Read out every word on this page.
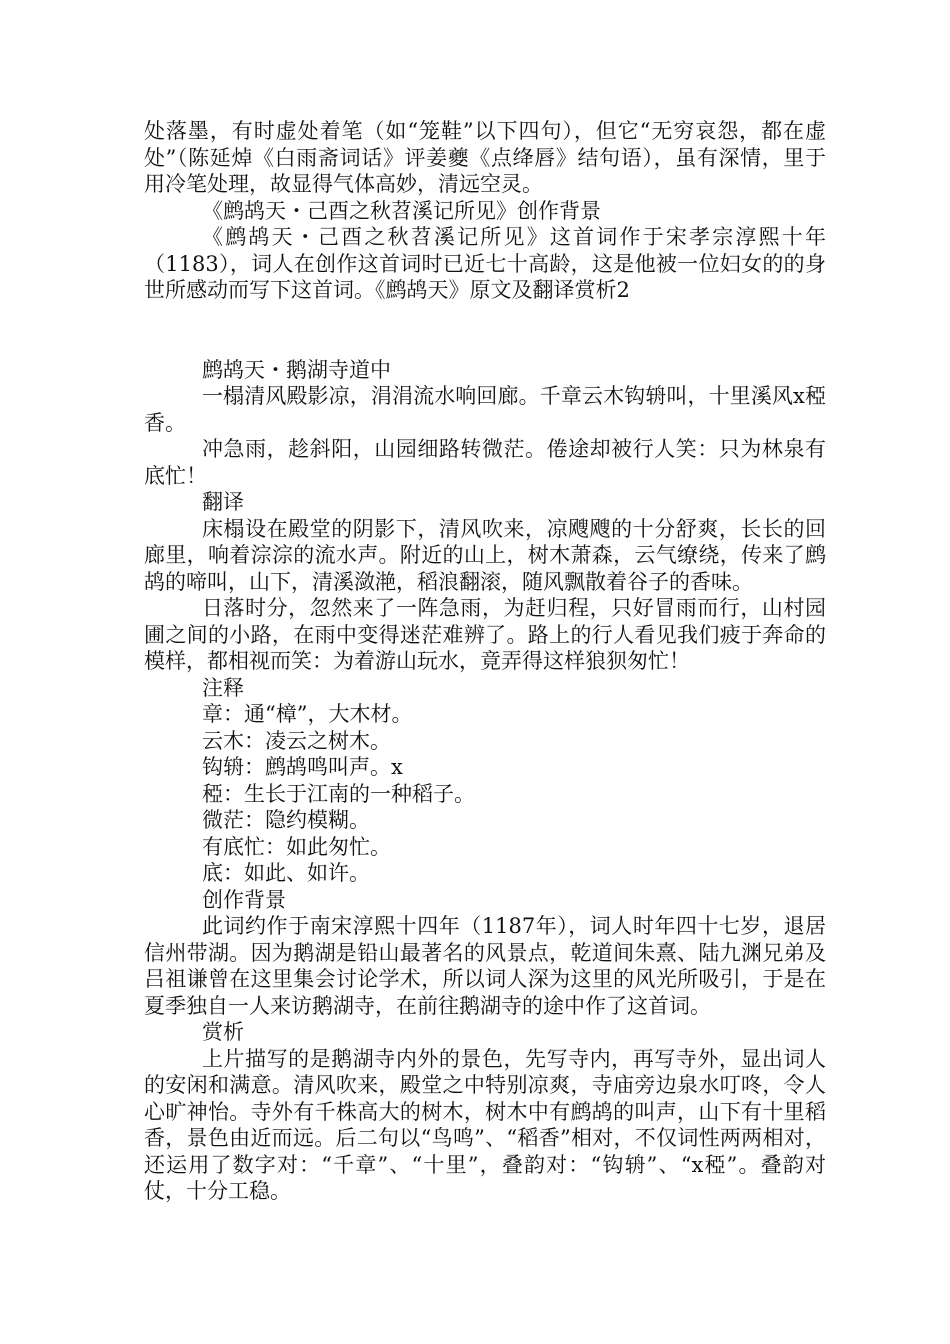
处落墨，有时虚处着笔（如“笼鞋”以下四句），但它“无穷哀怨，都在虚处”（陈延焯《白雨斋词话》评姜夔《点绛唇》结句语），虽有深情，里于用冷笔处理，故显得气体高妙，清远空灵。

《鹧鸪天・己酉之秋苕溪记所见》创作背景

《鹧鸪天・己酉之秋苕溪记所见》这首词作于宋孝宗淳熙十年（1183），词人在创作这首词时已近七十高龄，这是他被一位妇女的的身世所感动而写下这首词。《鹧鸪天》原文及翻译赏析2

鹧鸪天・鹅湖寺道中

一榻清风殿影凉，涓涓流水响回廊。千章云木钩辀叫，十里溪风x稏香。

冲急雨，趁斜阳，山园细路转微茫。倦途却被行人笑：只为林泉有底忙！

翻译

床榻设在殿堂的阴影下，清风吹来，凉飕飕的十分舒爽，长长的回廊里，响着淙淙的流水声。附近的山上，树木萧森，云气缭绕，传来了鹧鸪的啼叫，山下，清溪潋滟，稻浪翻滚，随风飘散着谷子的香味。

日落时分，忽然来了一阵急雨，为赶归程，只好冒雨而行，山村园圃之间的小路，在雨中变得迷茫难辨了。路上的行人看见我们疲于奔命的模样，都相视而笑：为着游山玩水，竟弄得这样狼狈匆忙！

注释

章：通“樟”，大木材。

云木：凌云之树木。

钩辀：鹧鸪鸣叫声。x

稏：生长于江南的一种稻子。

微茫：隐约模糊。

有底忙：如此匆忙。

底：如此、如许。

创作背景

此词约作于南宋淳熙十四年（1187年），词人时年四十七岁，退居信州带湖。因为鹅湖是铅山最著名的风景点，乾道间朱熹、陆九渊兄弟及吕祖谦曾在这里集会讨论学术，所以词人深为这里的风光所吸引，于是在夏季独自一人来访鹅湖寺，在前往鹅湖寺的途中作了这首词。

赏析

上片描写的是鹅湖寺内外的景色，先写寺内，再写寺外，显出词人的安闲和满意。清风吹来，殿堂之中特别凉爽，寺庙旁边泉水叮咚，令人心旷神怡。寺外有千株高大的树木，树木中有鹧鸪的叫声，山下有十里稻香，景色由近而远。后二句以“鸟鸣”、“稻香”相对，不仅词性两两相对，还运用了数字对：“千章”、“十里”，叠韵对：“钩辀”、“x稏”。叠韵对仗，十分工稳。
